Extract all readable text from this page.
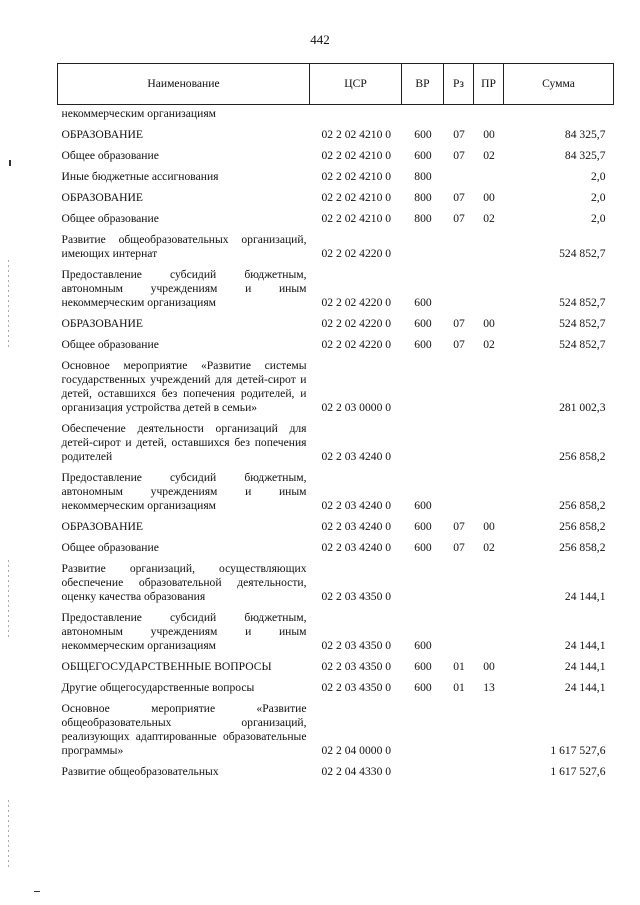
442
Наименование	ЦСР	ВР	Рз	ПР	Сумма
некоммерческим организациям					
ОБРАЗОВАНИЕ	02 2 02 4210 0	600	07	00	84 325,7
Общее образование	02 2 02 4210 0	600	07	02	84 325,7
Иные бюджетные ассигнования	02 2 02 4210 0	800			2,0
ОБРАЗОВАНИЕ	02 2 02 4210 0	800	07	00	2,0
Общее образование	02 2 02 4210 0	800	07	02	2,0
Развитие общеобразовательных организаций, имеющих интернат	02 2 02 4220 0				524 852,7
Предоставление субсидий бюджетным, автономным учреждениям и иным некоммерческим организациям	02 2 02 4220 0	600			524 852,7
ОБРАЗОВАНИЕ	02 2 02 4220 0	600	07	00	524 852,7
Общее образование	02 2 02 4220 0	600	07	02	524 852,7
Основное мероприятие «Развитие системы государственных учреждений для детей-сирот и детей, оставшихся без попечения родителей, и организация устройства детей в семьи»	02 2 03 0000 0				281 002,3
Обеспечение деятельности организаций для детей-сирот и детей, оставшихся без попечения родителей	02 2 03 4240 0				256 858,2
Предоставление субсидий бюджетным, автономным учреждениям и иным некоммерческим организациям	02 2 03 4240 0	600			256 858,2
ОБРАЗОВАНИЕ	02 2 03 4240 0	600	07	00	256 858,2
Общее образование	02 2 03 4240 0	600	07	02	256 858,2
Развитие организаций, осуществляющих обеспечение образовательной деятельности, оценку качества образования	02 2 03 4350 0				24 144,1
Предоставление субсидий бюджетным, автономным учреждениям и иным некоммерческим организациям	02 2 03 4350 0	600			24 144,1
ОБЩЕГОСУДАРСТВЕННЫЕ ВОПРОСЫ	02 2 03 4350 0	600	01	00	24 144,1
Другие общегосударственные вопросы	02 2 03 4350 0	600	01	13	24 144,1
Основное мероприятие «Развитие общеобразовательных организаций, реализующих адаптированные образовательные программы»	02 2 04 0000 0				1 617 527,6
Развитие общеобразовательных	02 2 04 4330 0				1 617 527,6
